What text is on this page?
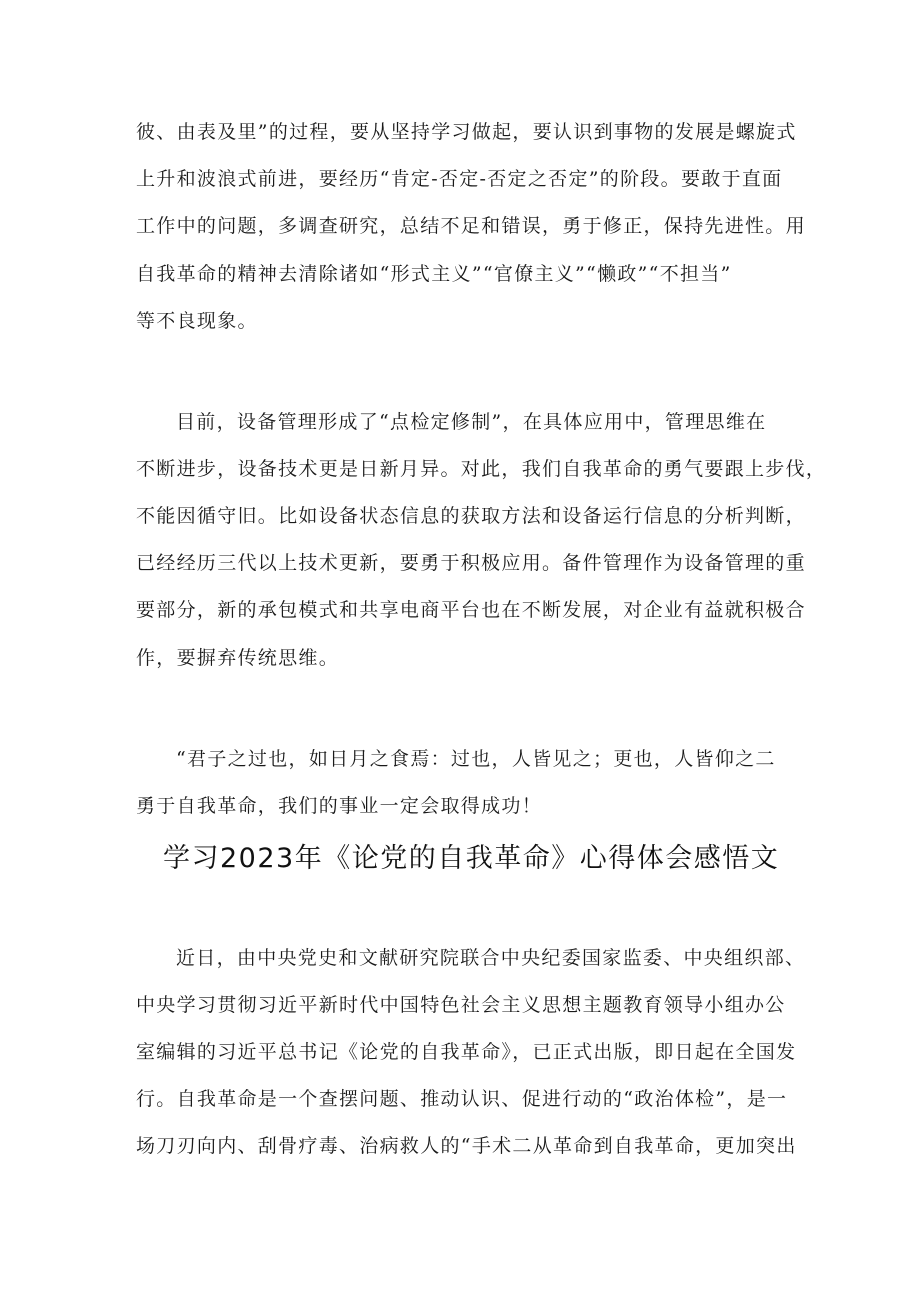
彼、由表及里”的过程，要从坚持学习做起，要认识到事物的发展是螺旋式
上升和波浪式前进，要经历“肯定-否定-否定之否定”的阶段。要敢于直面
工作中的问题，多调查研究，总结不足和错误，勇于修正，保持先进性。用
自我革命的精神去清除诸如“形式主义”“官僚主义”“懒政”“不担当”
等不良现象。
目前，设备管理形成了“点检定修制”，在具体应用中，管理思维在
不断进步，设备技术更是日新月异。对此，我们自我革命的勇气要跟上步伐，
不能因循守旧。比如设备状态信息的获取方法和设备运行信息的分析判断，
已经经历三代以上技术更新，要勇于积极应用。备件管理作为设备管理的重
要部分，新的承包模式和共享电商平台也在不断发展，对企业有益就积极合
作，要摒弃传统思维。
“君子之过也，如日月之食焉：过也，人皆见之；更也，人皆仰之二
勇于自我革命，我们的事业一定会取得成功！
学习2023年《论党的自我革命》心得体会感悟文
近日，由中央党史和文献研究院联合中央纪委国家监委、中央组织部、
中央学习贯彻习近平新时代中国特色社会主义思想主题教育领导小组办公
室编辑的习近平总书记《论党的自我革命》，已正式出版，即日起在全国发
行。自我革命是一个查摆问题、推动认识、促进行动的“政治体检”，是一
场刀刃向内、刮骨疗毒、治病救人的“手术二从革命到自我革命，更加突出
